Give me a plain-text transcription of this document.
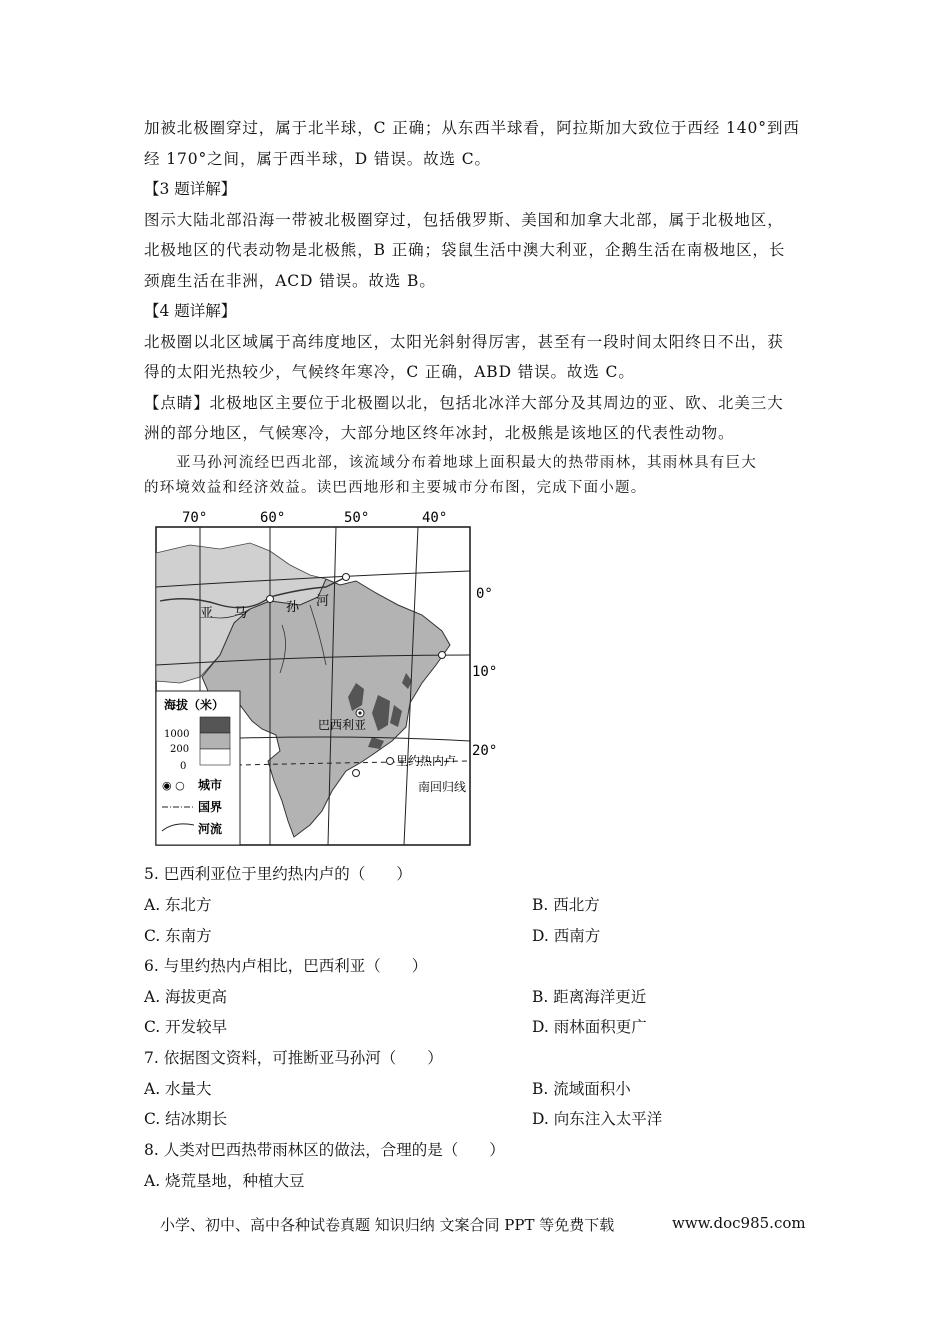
加被北极圈穿过，属于北半球，C 正确；从东西半球看，阿拉斯加大致位于西经 140°到西
经 170°之间，属于西半球，D 错误。故选 C。
【3 题详解】
图示大陆北部沿海一带被北极圈穿过，包括俄罗斯、美国和加拿大北部，属于北极地区，
北极地区的代表动物是北极熊，B 正确；袋鼠生活中澳大利亚，企鹅生活在南极地区，长
颈鹿生活在非洲，ACD 错误。故选 B。
【4 题详解】
北极圈以北区域属于高纬度地区，太阳光斜射得厉害，甚至有一段时间太阳终日不出，获
得的太阳光热较少，气候终年寒冷，C 正确，ABD 错误。故选 C。
【点睛】北极地区主要位于北极圈以北，包括北冰洋大部分及其周边的亚、欧、北美三大
洲的部分地区，气候寒冷，大部分地区终年冰封，北极熊是该地区的代表性动物。
亚马孙河流经巴西北部，该流域分布着地球上面积最大的热带雨林，其雨林具有巨大
的环境效益和经济效益。读巴西地形和主要城市分布图，完成下面小题。
70°	60°	50°	40°
0°
10°
20°
亚 马	孙 河
巴西利亚
里约热内卢
南回归线
海拔（米）
1000
200
0
◉ ○ 城市
国界
河流
5. 巴西利亚位于里约热内卢的（　　）
A. 东北方	B. 西北方
C. 东南方	D. 西南方
6. 与里约热内卢相比，巴西利亚（　　）
A. 海拔更高	B. 距离海洋更近
C. 开发较早	D. 雨林面积更广
7. 依据图文资料，可推断亚马孙河（　　）
A. 水量大	B. 流域面积小
C. 结冰期长	D. 向东注入太平洋
8. 人类对巴西热带雨林区的做法，合理的是（　　）
A. 烧荒垦地，种植大豆
小学、初中、高中各种试卷真题 知识归纳 文案合同 PPT 等免费下载	www.doc985.com
